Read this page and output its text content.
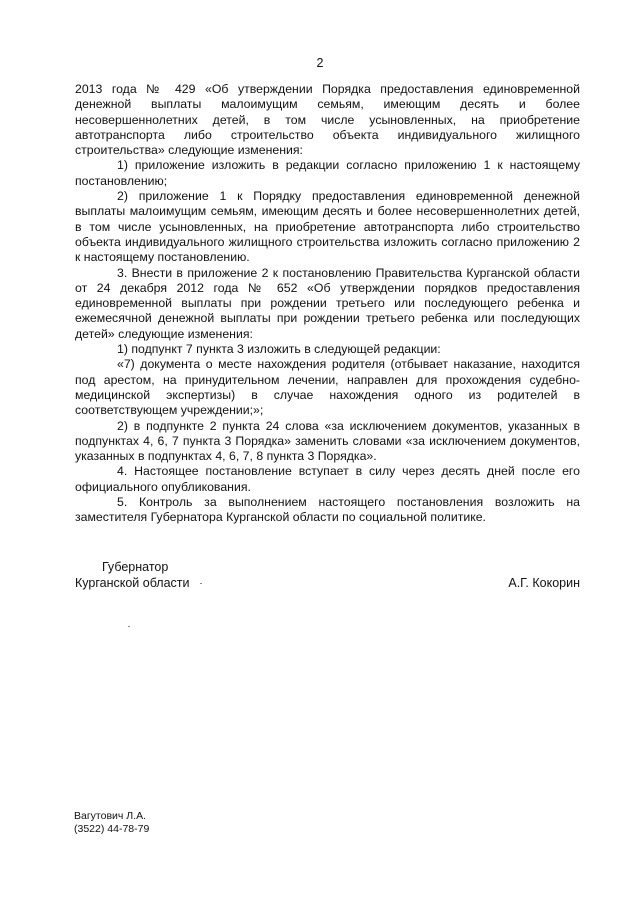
2

2013 года № 429 «Об утверждении Порядка предоставления единовременной денежной выплаты малоимущим семьям, имеющим десять и более несовершеннолетних детей, в том числе усыновленных, на приобретение автотранспорта либо строительство объекта индивидуального жилищного строительства» следующие изменения:

1) приложение изложить в редакции согласно приложению 1 к настоящему постановлению;

2) приложение 1 к Порядку предоставления единовременной денежной выплаты малоимущим семьям, имеющим десять и более несовершеннолетних детей, в том числе усыновленных, на приобретение автотранспорта либо строительство объекта индивидуального жилищного строительства изложить согласно приложению 2 к настоящему постановлению.

3. Внести в приложение 2 к постановлению Правительства Курганской области от 24 декабря 2012 года № 652 «Об утверждении порядков предоставления единовременной выплаты при рождении третьего или последующего ребенка и ежемесячной денежной выплаты при рождении третьего ребенка или последующих детей» следующие изменения:

1) подпункт 7 пункта 3 изложить в следующей редакции:

«7) документа о месте нахождения родителя (отбывает наказание, находится под арестом, на принудительном лечении, направлен для прохождения судебно-медицинской экспертизы) в случае нахождения одного из родителей в соответствующем учреждении;»;

2) в подпункте 2 пункта 24 слова «за исключением документов, указанных в подпунктах 4, 6, 7 пункта 3 Порядка» заменить словами «за исключением документов, указанных в подпунктах 4, 6, 7, 8 пункта 3 Порядка».

4. Настоящее постановление вступает в силу через десять дней после его официального опубликования.

5. Контроль за выполнением настоящего постановления возложить на заместителя Губернатора Курганской области по социальной политике.

Губернатор
Курганской области	А.Г. Кокорин
Вагутович Л.А.
(3522) 44-78-79
